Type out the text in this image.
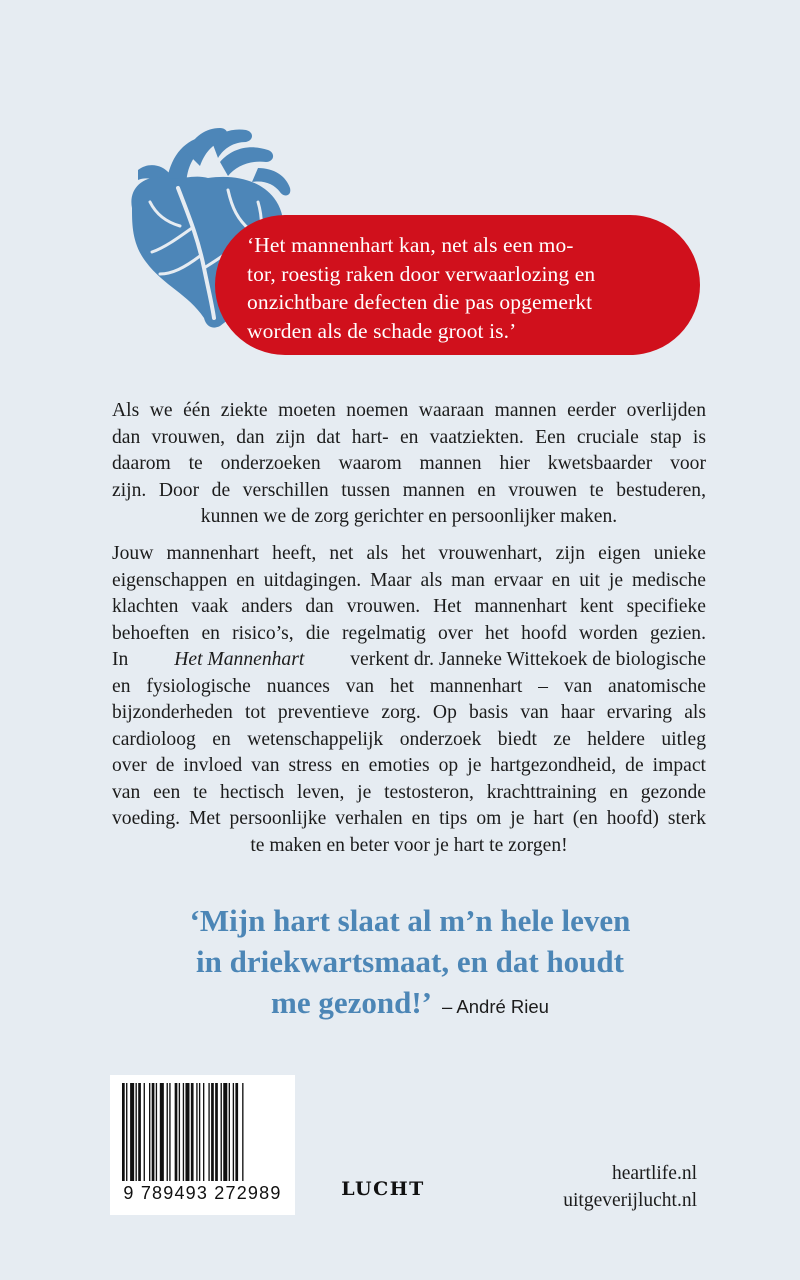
‘Het mannenhart kan, net als een mo-
tor, roestig raken door verwaarlozing en
onzichtbare defecten die pas opgemerkt
worden als de schade groot is.’
Als we één ziekte moeten noemen waaraan mannen eerder overlijden
dan vrouwen, dan zijn dat hart- en vaatziekten. Een cruciale stap is
daarom te onderzoeken waarom mannen hier kwetsbaarder voor
zijn. Door de verschillen tussen mannen en vrouwen te bestuderen,
kunnen we de zorg gerichter en persoonlijker maken.
Jouw mannenhart heeft, net als het vrouwenhart, zijn eigen unieke
eigenschappen en uitdagingen. Maar als man ervaar en uit je medische
klachten vaak anders dan vrouwen. Het mannenhart kent specifieke
behoeften en risico’s, die regelmatig over het hoofd worden gezien.
In Het Mannenhart verkent dr. Janneke Wittekoek de biologische
en fysiologische nuances van het mannenhart – van anatomische
bijzonderheden tot preventieve zorg. Op basis van haar ervaring als
cardioloog en wetenschappelijk onderzoek biedt ze heldere uitleg
over de invloed van stress en emoties op je hartgezondheid, de impact
van een te hectisch leven, je testosteron, krachttraining en gezonde
voeding. Met persoonlijke verhalen en tips om je hart (en hoofd) sterk
te maken en beter voor je hart te zorgen!
‘Mijn hart slaat al m’n hele leven
in driekwartsmaat, en dat houdt
me gezond!’ – André Rieu
9 789493 272989	LUCHT
heartlife.nl
uitgeverijlucht.nl
